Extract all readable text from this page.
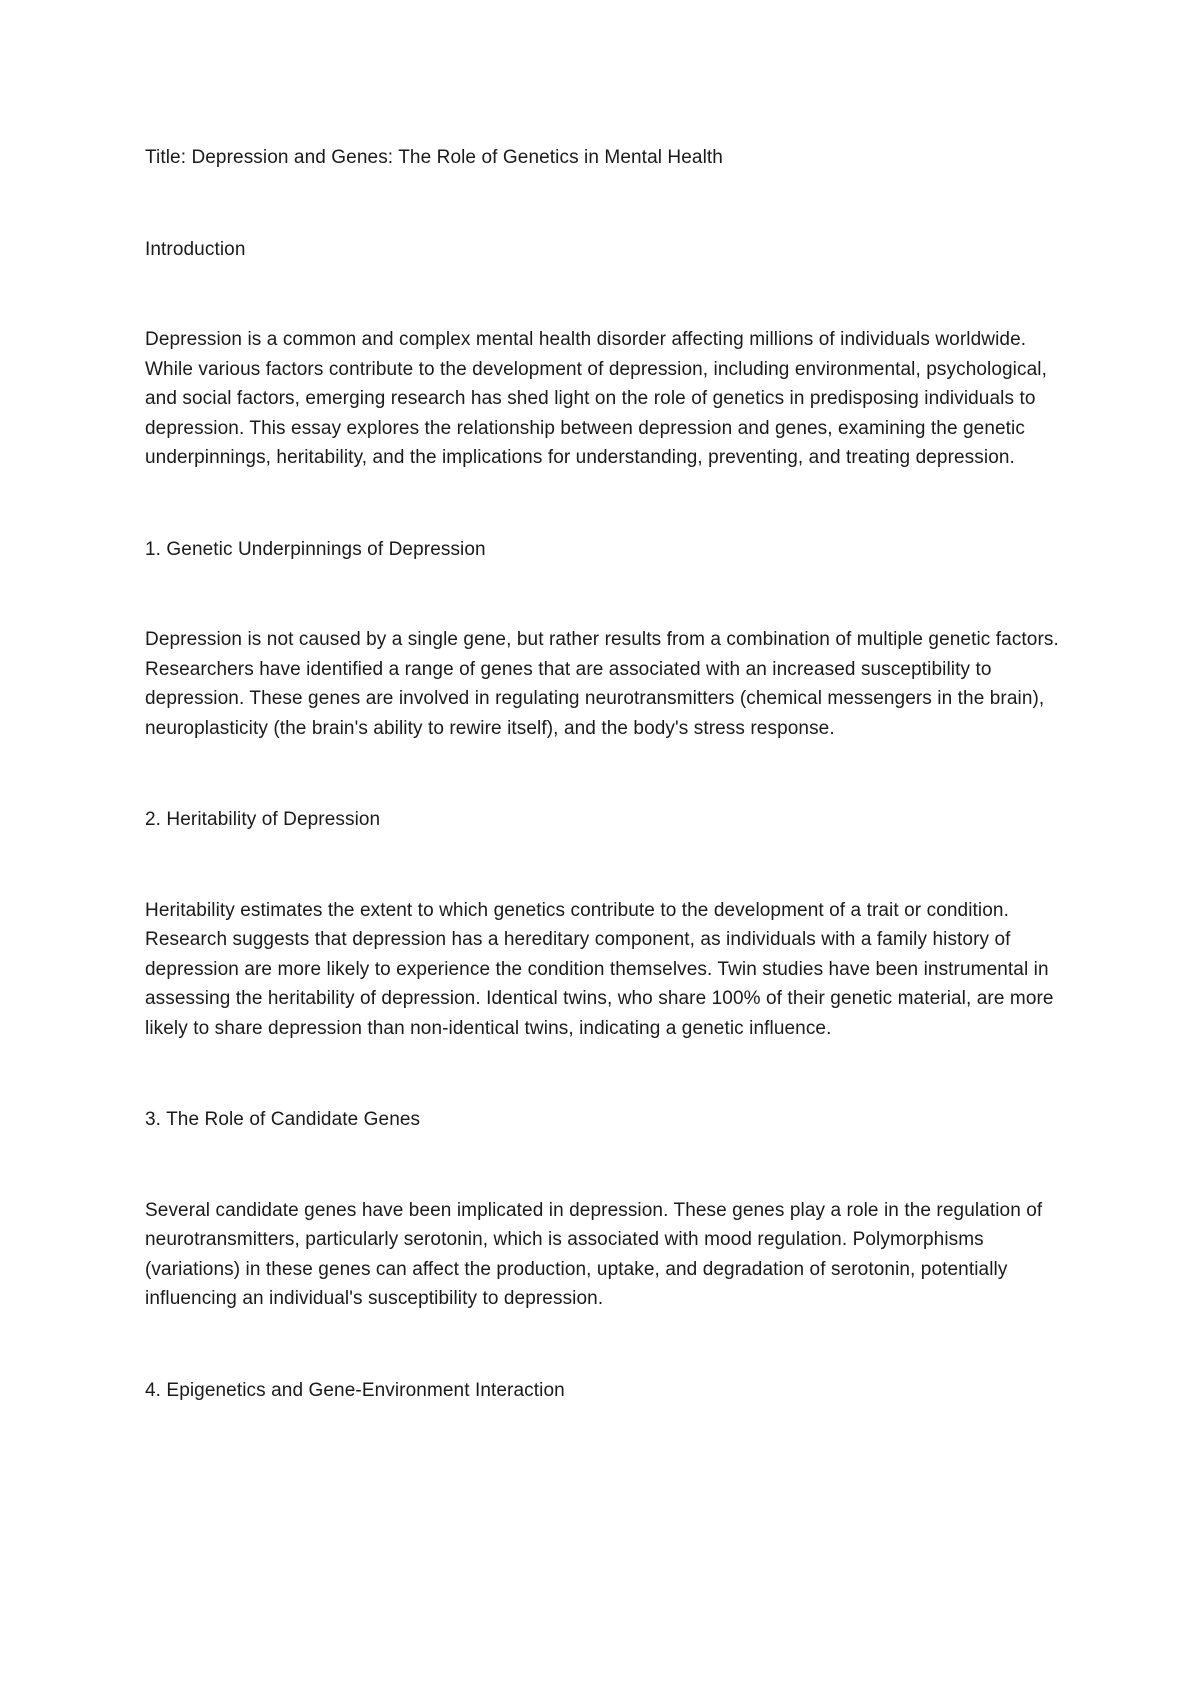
Title: Depression and Genes: The Role of Genetics in Mental Health

Introduction

Depression is a common and complex mental health disorder affecting millions of individuals worldwide. While various factors contribute to the development of depression, including environmental, psychological, and social factors, emerging research has shed light on the role of genetics in predisposing individuals to depression. This essay explores the relationship between depression and genes, examining the genetic underpinnings, heritability, and the implications for understanding, preventing, and treating depression.

1. Genetic Underpinnings of Depression

Depression is not caused by a single gene, but rather results from a combination of multiple genetic factors. Researchers have identified a range of genes that are associated with an increased susceptibility to depression. These genes are involved in regulating neurotransmitters (chemical messengers in the brain), neuroplasticity (the brain's ability to rewire itself), and the body's stress response.

2. Heritability of Depression

Heritability estimates the extent to which genetics contribute to the development of a trait or condition. Research suggests that depression has a hereditary component, as individuals with a family history of depression are more likely to experience the condition themselves. Twin studies have been instrumental in assessing the heritability of depression. Identical twins, who share 100% of their genetic material, are more likely to share depression than non-identical twins, indicating a genetic influence.

3. The Role of Candidate Genes

Several candidate genes have been implicated in depression. These genes play a role in the regulation of neurotransmitters, particularly serotonin, which is associated with mood regulation. Polymorphisms (variations) in these genes can affect the production, uptake, and degradation of serotonin, potentially influencing an individual's susceptibility to depression.

4. Epigenetics and Gene-Environment Interaction
